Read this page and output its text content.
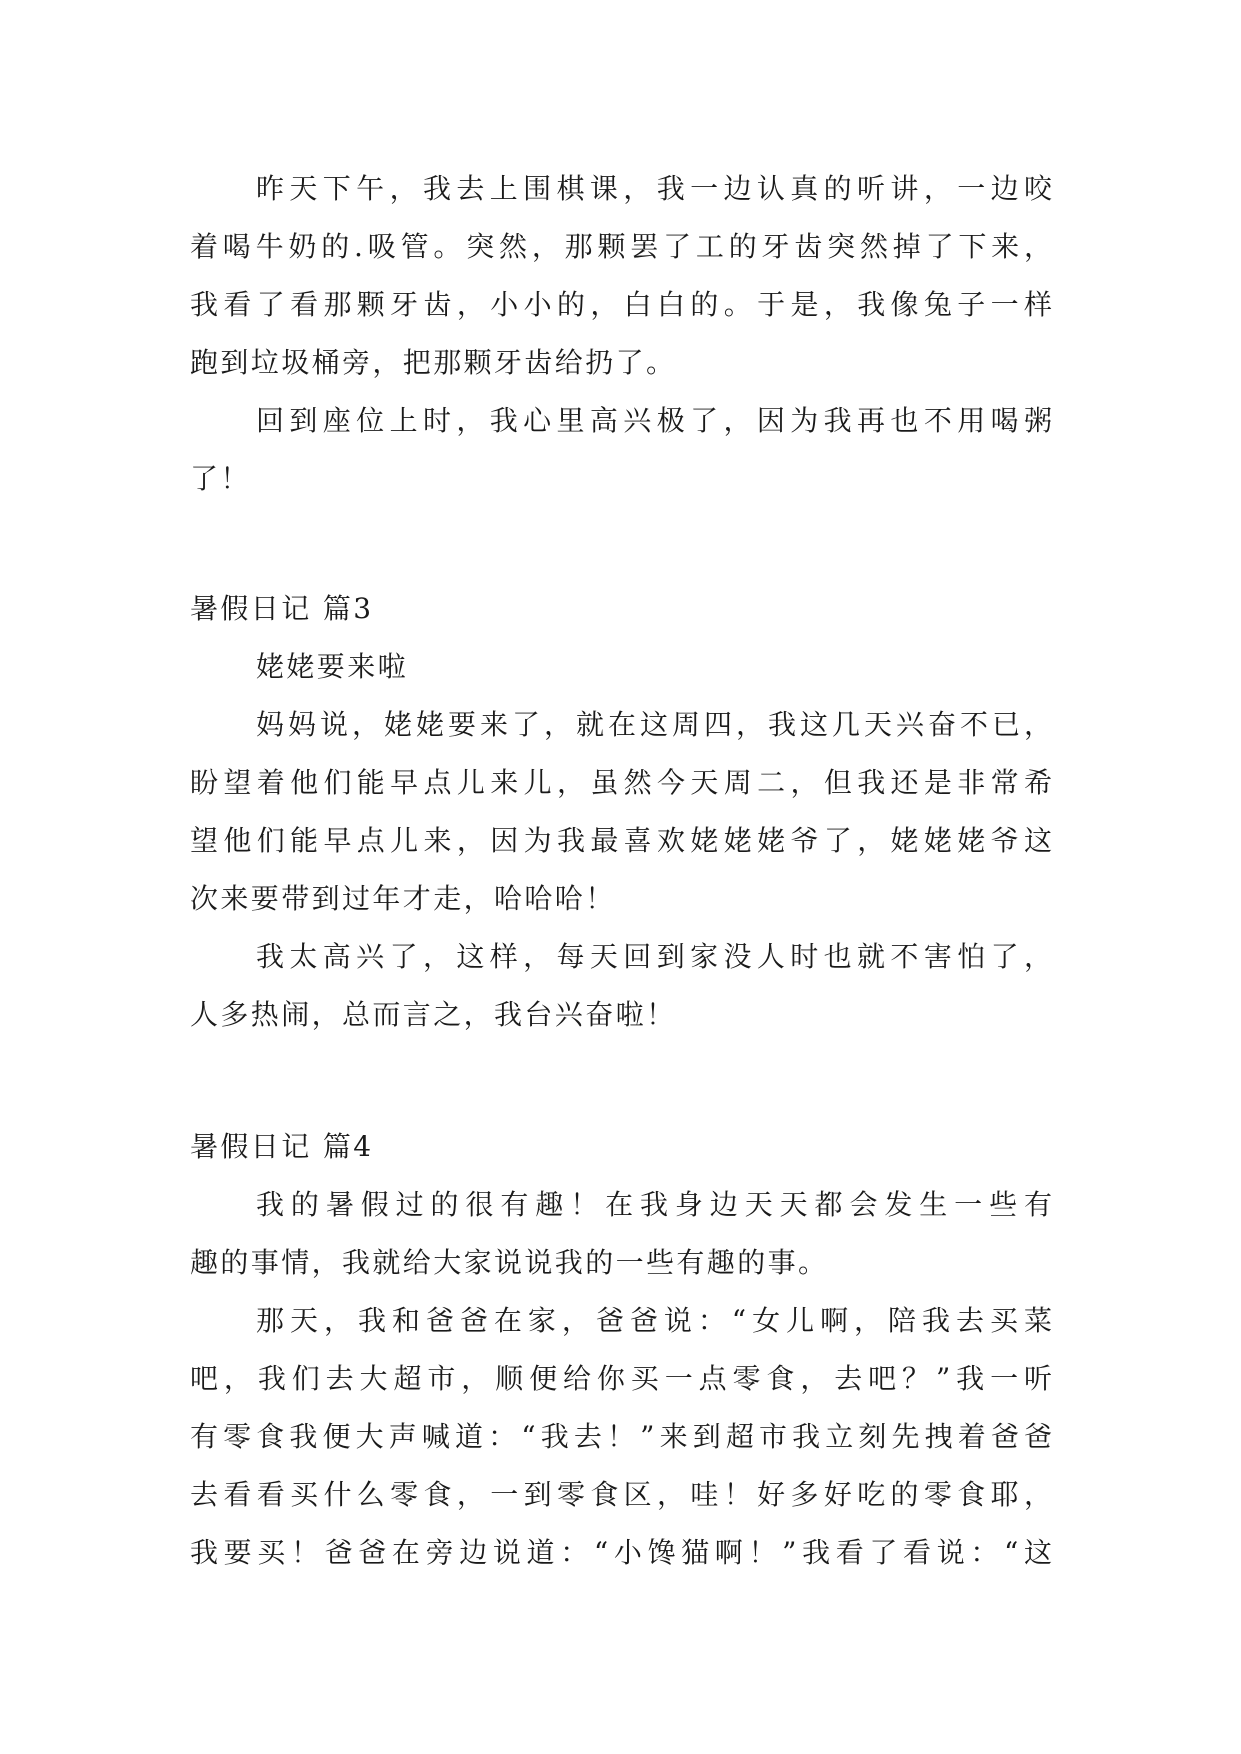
昨天下午，我去上围棋课，我一边认真的听讲，一边咬

着喝牛奶的.吸管。突然，那颗罢了工的牙齿突然掉了下来，

我看了看那颗牙齿，小小的，白白的。于是，我像兔子一样

跑到垃圾桶旁，把那颗牙齿给扔了。

回到座位上时，我心里高兴极了，因为我再也不用喝粥

了！

暑假日记 篇3

姥姥要来啦

妈妈说，姥姥要来了，就在这周四，我这几天兴奋不已，

盼望着他们能早点儿来儿，虽然今天周二，但我还是非常希

望他们能早点儿来，因为我最喜欢姥姥姥爷了，姥姥姥爷这

次来要带到过年才走，哈哈哈！

我太高兴了，这样，每天回到家没人时也就不害怕了，

人多热闹，总而言之，我台兴奋啦！

暑假日记 篇4

我的暑假过的很有趣！在我身边天天都会发生一些有

趣的事情，我就给大家说说我的一些有趣的事。

那天，我和爸爸在家，爸爸说：“女儿啊，陪我去买菜

吧，我们去大超市，顺便给你买一点零食，去吧？”我一听

有零食我便大声喊道：“我去！”来到超市我立刻先拽着爸爸

去看看买什么零食，一到零食区，哇！好多好吃的零食耶，

我要买！爸爸在旁边说道：“小馋猫啊！”我看了看说：“这
